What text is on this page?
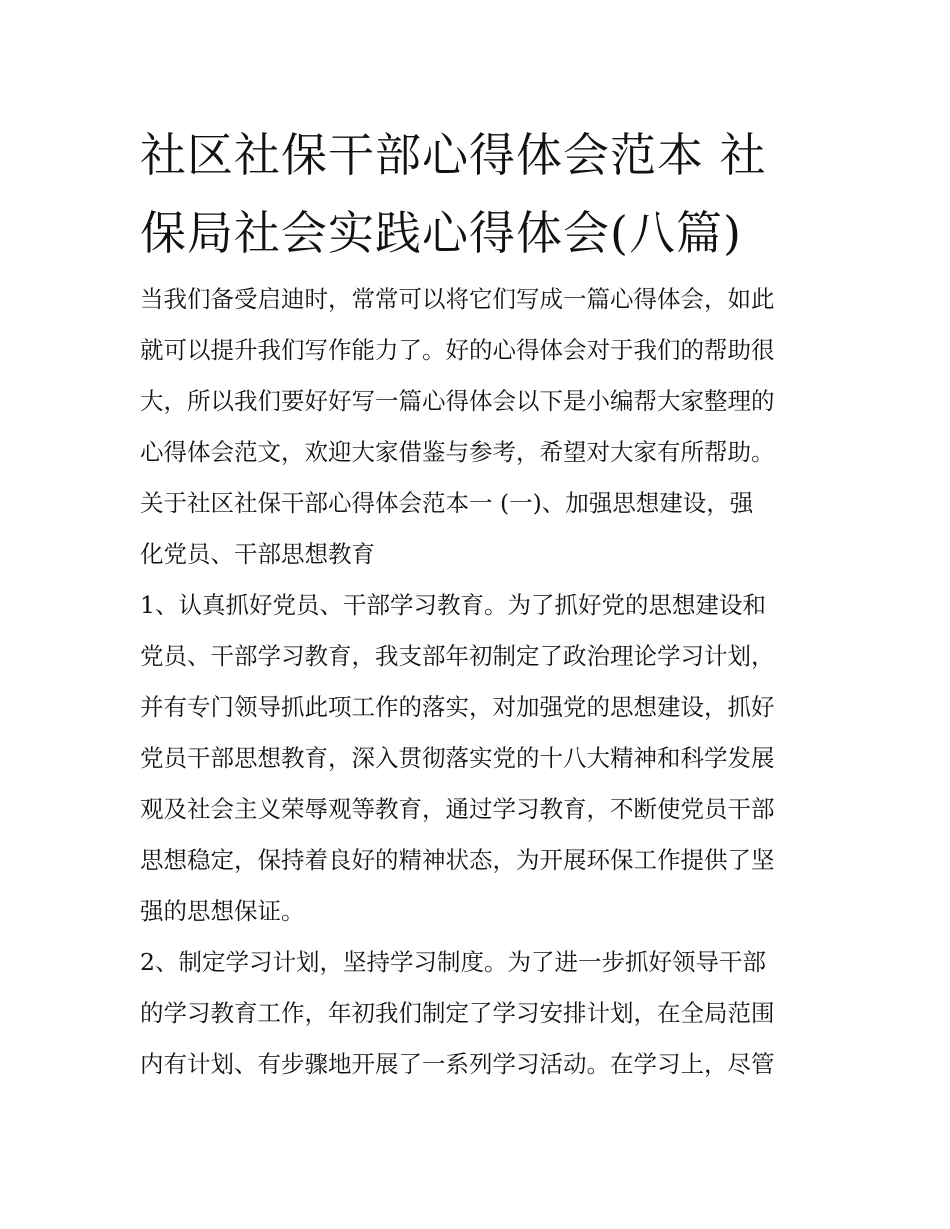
社区社保干部心得体会范本 社
保局社会实践心得体会(八篇)
当我们备受启迪时，常常可以将它们写成一篇心得体会，如此
就可以提升我们写作能力了。好的心得体会对于我们的帮助很
大，所以我们要好好写一篇心得体会以下是小编帮大家整理的
心得体会范文，欢迎大家借鉴与参考，希望对大家有所帮助。
关于社区社保干部心得体会范本一 (一)、加强思想建设，强
化党员、干部思想教育
1、认真抓好党员、干部学习教育。为了抓好党的思想建设和
党员、干部学习教育，我支部年初制定了政治理论学习计划，
并有专门领导抓此项工作的落实，对加强党的思想建设，抓好
党员干部思想教育，深入贯彻落实党的十八大精神和科学发展
观及社会主义荣辱观等教育，通过学习教育，不断使党员干部
思想稳定，保持着良好的精神状态，为开展环保工作提供了坚
强的思想保证。
2、制定学习计划，坚持学习制度。为了进一步抓好领导干部
的学习教育工作，年初我们制定了学习安排计划，在全局范围
内有计划、有步骤地开展了一系列学习活动。在学习上，尽管
